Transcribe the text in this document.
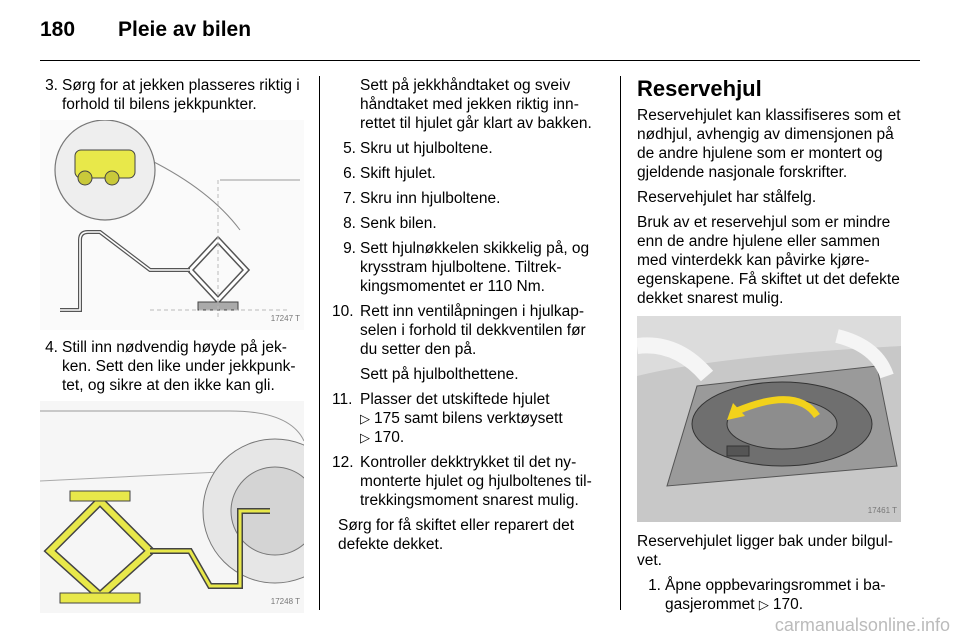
180 Pleie av bilen
3. Sørg for at jekken plasseres riktig i forhold til bilens jekkpunkter.
17247 T
4. Still inn nødvendig høyde på jekken. Sett den like under jekkpunktet, og sikre at den ikke kan gli.
17248 T
Sett på jekkhåndtaket og sveiv håndtaket med jekken riktig innrettet til hjulet går klart av bakken.
5. Skru ut hjulboltene.
6. Skift hjulet.
7. Skru inn hjulboltene.
8. Senk bilen.
9. Sett hjulnøkkelen skikkelig på, og krysstram hjulboltene. Tiltrekkingsmomentet er 110 Nm.
10. Rett inn ventilåpningen i hjulkapselen i forhold til dekkventilen før du setter den på.
Sett på hjulbolthettene.
11. Plasser det utskiftede hjulet
▷ 175 samt bilens verktøysett
▷ 170.
12. Kontroller dekktrykket til det nymonterte hjulet og hjulboltenes tiltrekkingsmoment snarest mulig.
Sørg for få skiftet eller reparert det defekte dekket.
Reservehjul
Reservehjulet kan klassifiseres som et nødhjul, avhengig av dimensjonen på de andre hjulene som er montert og gjeldende nasjonale forskrifter.
Reservehjulet har stålfelg.
Bruk av et reservehjul som er mindre enn de andre hjulene eller sammen med vinterdekk kan påvirke kjøreegenskapene. Få skiftet ut det defekte dekket snarest mulig.
17461 T
Reservehjulet ligger bak under bilgulvet.
1. Åpne oppbevaringsrommet i bagasjerommet ▷ 170.
carmanualsonline.info
